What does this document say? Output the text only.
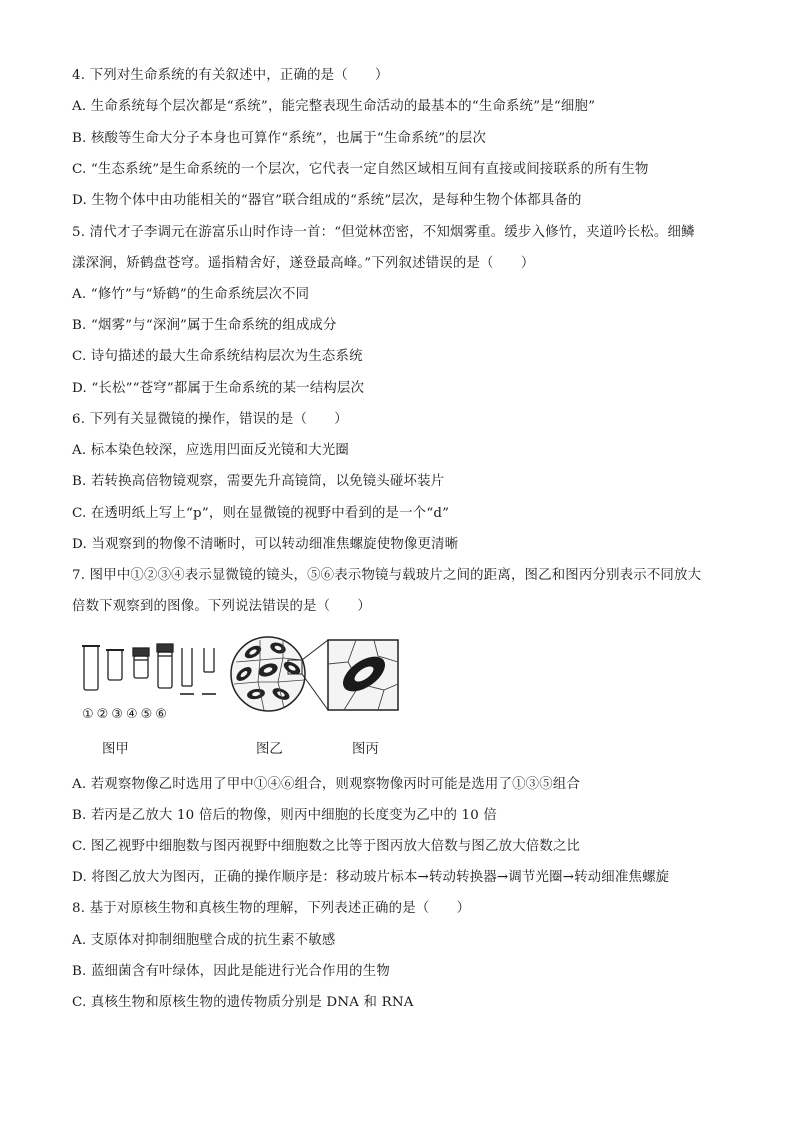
4. 下列对生命系统的有关叙述中，正确的是（　　）
A. 生命系统每个层次都是“系统”，能完整表现生命活动的最基本的“生命系统”是“细胞”
B. 核酸等生命大分子本身也可算作“系统”，也属于“生命系统”的层次
C. “生态系统”是生命系统的一个层次，它代表一定自然区域相互间有直接或间接联系的所有生物
D. 生物个体中由功能相关的“器官”联合组成的“系统”层次，是每种生物个体都具备的
5. 清代才子李调元在游富乐山时作诗一首：“但觉林峦密，不知烟雾重。缓步入修竹，夹道吟长松。细鳞
漾深涧，矫鹤盘苍穹。遥指精舍好，遂登最高峰。”下列叙述错误的是（　　）
A. “修竹”与“矫鹤”的生命系统层次不同
B. “烟雾”与“深涧”属于生命系统的组成成分
C. 诗句描述的最大生命系统结构层次为生态系统
D. “长松”“苍穹”都属于生命系统的某一结构层次
6. 下列有关显微镜的操作，错误的是（　　）
A. 标本染色较深，应选用凹面反光镜和大光圈
B. 若转换高倍物镜观察，需要先升高镜筒，以免镜头碰坏装片
C. 在透明纸上写上“p”，则在显微镜的视野中看到的是一个“d”
D. 当观察到的物像不清晰时，可以转动细准焦螺旋使物像更清晰
7. 图甲中①②③④表示显微镜的镜头，⑤⑥表示物镜与载玻片之间的距离，图乙和图丙分别表示不同放大
倍数下观察到的图像。下列说法错误的是（　　）
①②③④⑤⑥
图甲	图乙	图丙
A. 若观察物像乙时选用了甲中①④⑥组合，则观察物像丙时可能是选用了①③⑤组合
B. 若丙是乙放大 10 倍后的物像，则丙中细胞的长度变为乙中的 10 倍
C. 图乙视野中细胞数与图丙视野中细胞数之比等于图丙放大倍数与图乙放大倍数之比
D. 将图乙放大为图丙，正确的操作顺序是：移动玻片标本→转动转换器→调节光圈→转动细准焦螺旋
8. 基于对原核生物和真核生物的理解，下列表述正确的是（　　）
A. 支原体对抑制细胞壁合成的抗生素不敏感
B. 蓝细菌含有叶绿体，因此是能进行光合作用的生物
C. 真核生物和原核生物的遗传物质分别是 DNA 和 RNA
